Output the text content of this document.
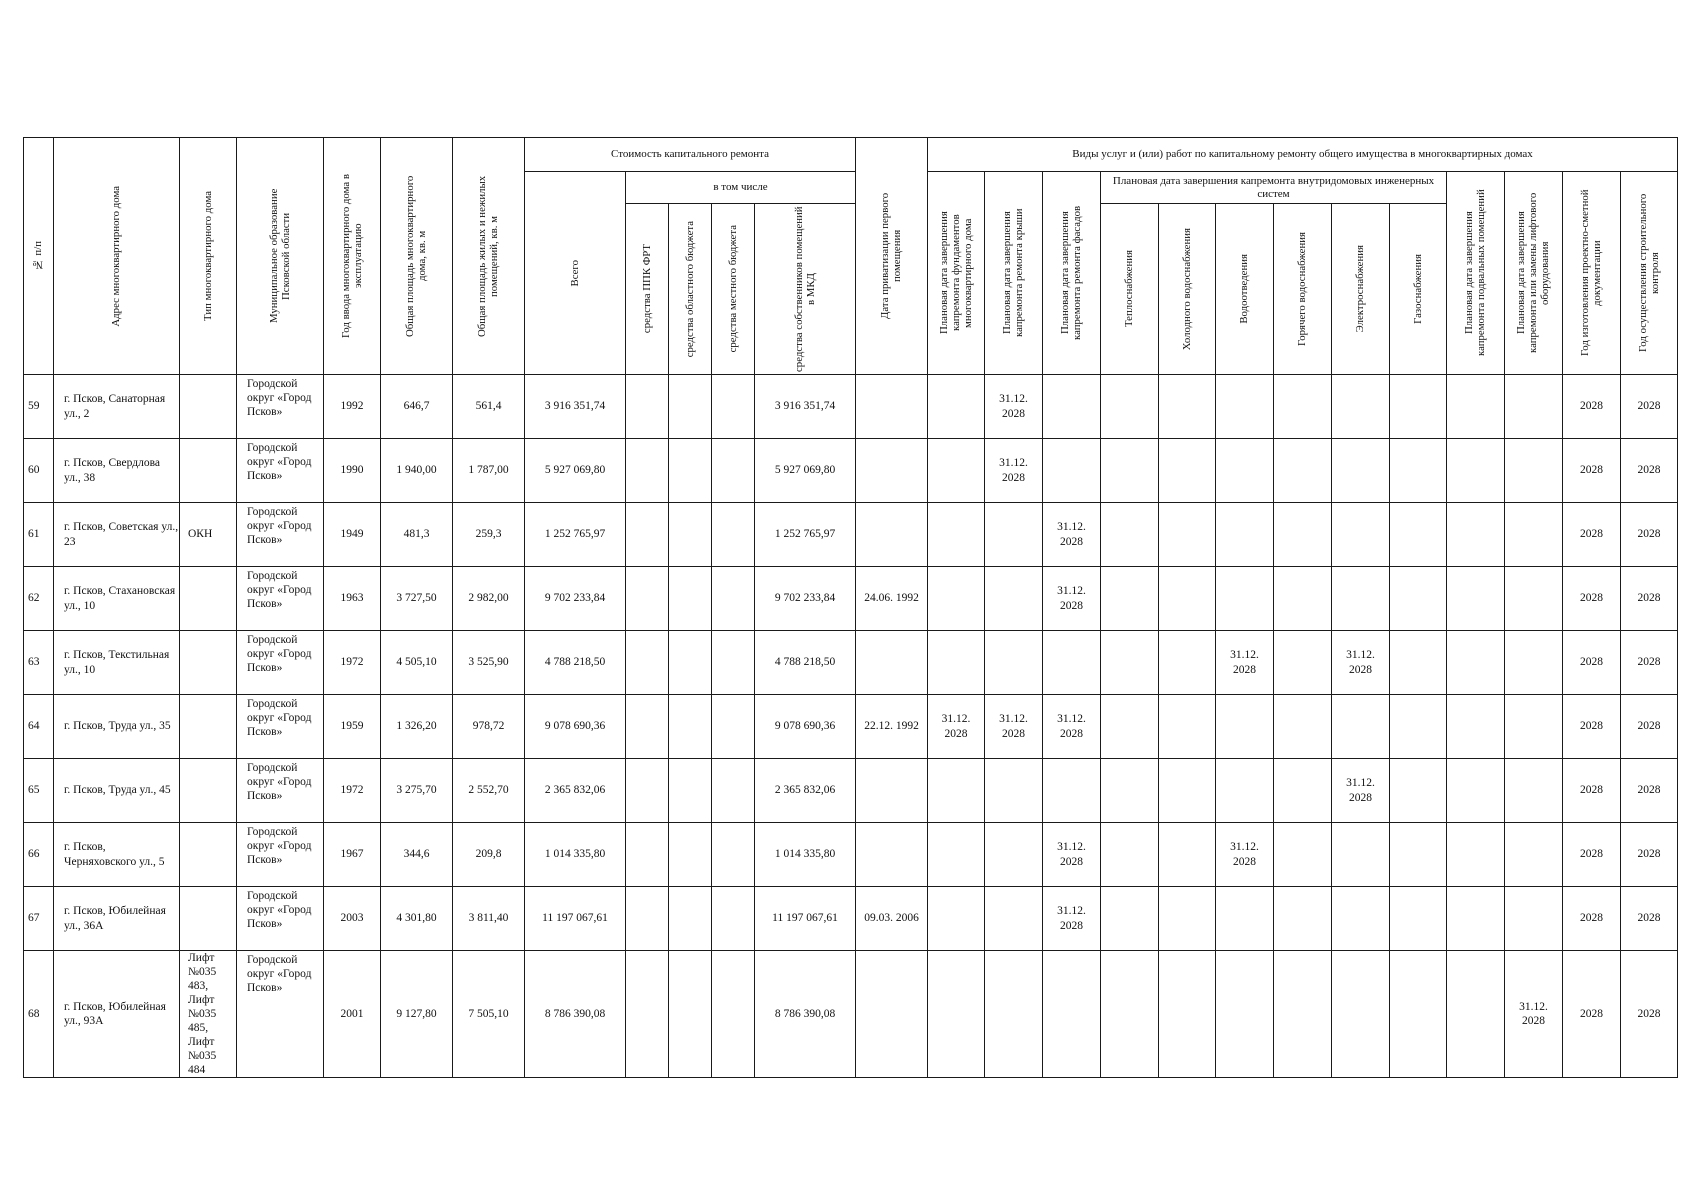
№ п/п	Адрес многоквартирного дома	Тип многоквартирного дома	Муниципальное образование Псковской области	Год ввода многоквартирного дома в эксплуатацию	Общая площадь многоквартирного дома, кв. м	Общая площадь жилых и нежилых помещений, кв. м	Стоимость капитального ремонта					Дата приватизации первого помещения	Виды услуг и (или) работ по капитальному ремонту общего имущества в многоквартирных домах												

							Всего	в том числе					Плановая дата завершения капремонта фундаментов многоквартирного дома	Плановая дата завершения капремонта ремонта крыши	Плановая дата завершения капремонта ремонта фасадов	Плановая дата завершения капремонта внутридомовых инженерных систем						Плановая дата завершения капремонта подвальных помещений	Плановая дата завершения капремонта или замены лифтового оборудования	Год изготовления проектно-сметной документации	Год осуществления строительного контроля

								средства ППК ФРТ	средства областного бюджета	средства местного бюджета	средства собственников помещений в МКД					Теплоснабжения	Холодного водоснабжения	Водоотведения	Горячего водоснабжения	Электроснабжения	Газоснабжения				

59	г. Псков, Санаторная ул., 2		Городской округ «Город Псков»	1992	646,7	561,4	3 916 351,74				3 916 351,74			31.12. 2028										2028	2028
60	г. Псков, Свердлова ул., 38		Городской округ «Город Псков»	1990	1 940,00	1 787,00	5 927 069,80				5 927 069,80			31.12. 2028										2028	2028
61	г. Псков, Советская ул., 23	ОКН	Городской округ «Город Псков»	1949	481,3	259,3	1 252 765,97				1 252 765,97				31.12. 2028									2028	2028
62	г. Псков, Стахановская ул., 10		Городской округ «Город Псков»	1963	3 727,50	2 982,00	9 702 233,84				9 702 233,84	24.06. 1992			31.12. 2028									2028	2028
63	г. Псков, Текстильная ул., 10		Городской округ «Город Псков»	1972	4 505,10	3 525,90	4 788 218,50				4 788 218,50							31.12. 2028		31.12. 2028				2028	2028
64	г. Псков, Труда ул., 35		Городской округ «Город Псков»	1959	1 326,20	978,72	9 078 690,36				9 078 690,36	22.12. 1992	31.12. 2028	31.12. 2028	31.12. 2028									2028	2028
65	г. Псков, Труда ул., 45		Городской округ «Город Псков»	1972	3 275,70	2 552,70	2 365 832,06				2 365 832,06									31.12. 2028				2028	2028
66	г. Псков, Черняховского ул., 5		Городской округ «Город Псков»	1967	344,6	209,8	1 014 335,80				1 014 335,80				31.12. 2028			31.12. 2028						2028	2028
67	г. Псков, Юбилейная ул., 36А		Городской округ «Город Псков»	2003	4 301,80	3 811,40	11 197 067,61				11 197 067,61	09.03. 2006			31.12. 2028									2028	2028
68	г. Псков, Юбилейная ул., 93А	Лифт №035 483, Лифт №035 485, Лифт №035 484	Городской округ «Город Псков»	2001	9 127,80	7 505,10	8 786 390,08				8 786 390,08												31.12. 2028	2028	2028
